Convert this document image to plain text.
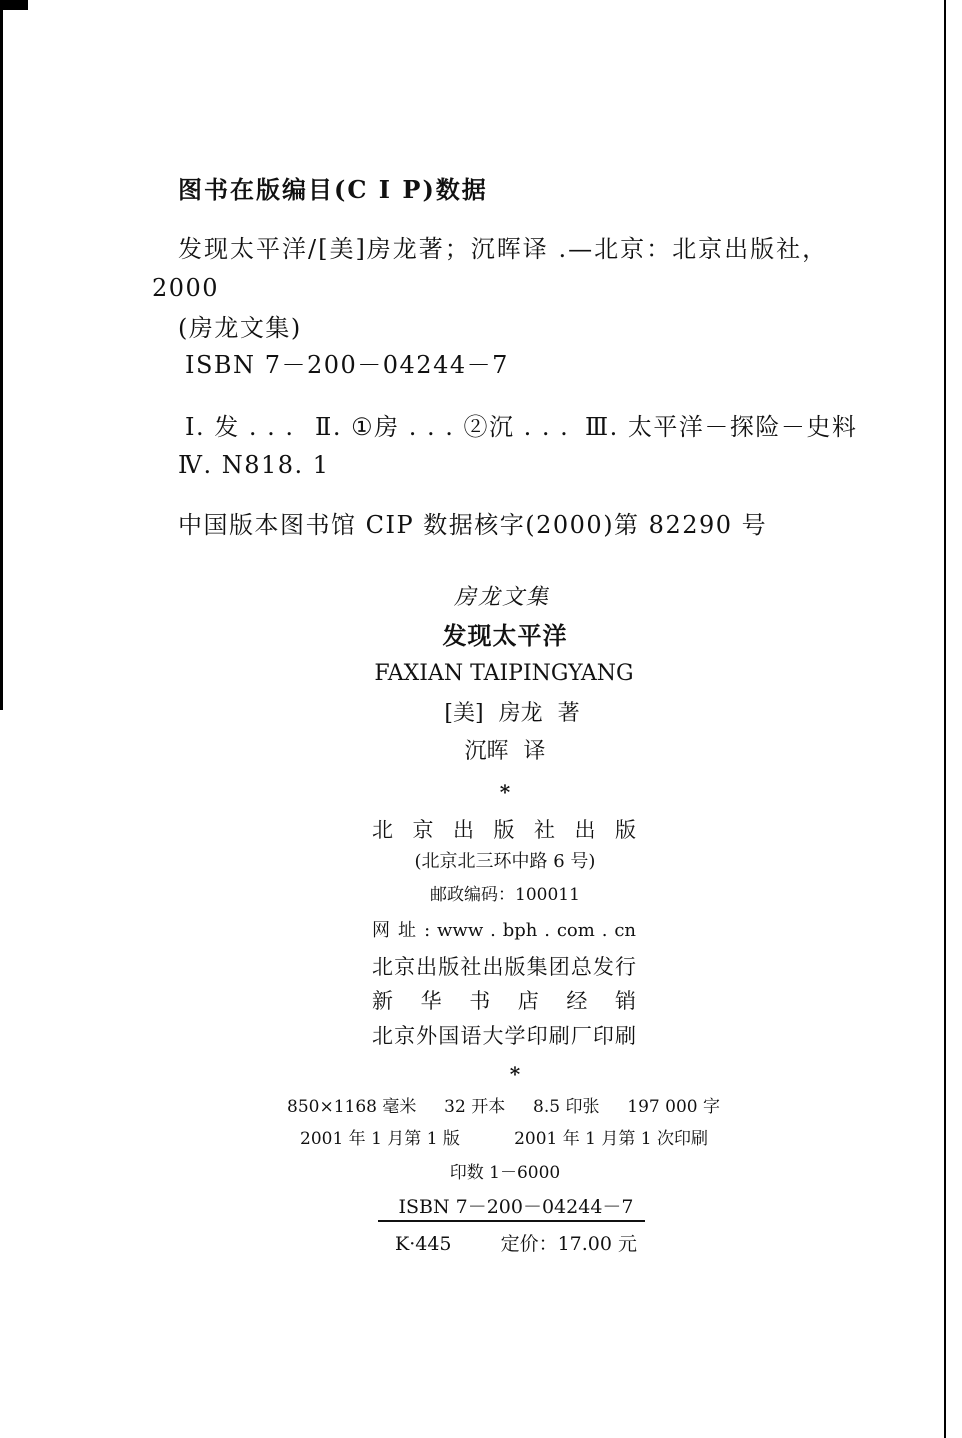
图书在版编目(C I P)数据
发现太平洋/[美]房龙著；沉晖译 .—北京：北京出版社，
2000
(房龙文集)
ISBN 7－200－04244－7
Ⅰ. 发 . . . Ⅱ. ①房 . . . ②沉 . . . Ⅲ. 太平洋－探险－史料
Ⅳ. N818. 1
中国版本图书馆 CIP 数据核字(2000)第 82290 号
房龙文集
发现太平洋
FAXIAN TAIPINGYANG
[美] 房龙 著
沉晖 译
*
北 京 出 版 社 出 版
(北京北三环中路 6 号)
邮政编码：100011
网 址 : www . bph . com . cn
北京出版社出版集团总发行
新 华 书 店 经 销
北京外国语大学印刷厂印刷
*
850×1168 毫米 32 开本 8.5 印张 197 000 字
2001 年 1 月第 1 版	2001 年 1 月第 1 次印刷
印数 1－6000
ISBN 7－200－04244－7
K·445	定价：17.00 元
